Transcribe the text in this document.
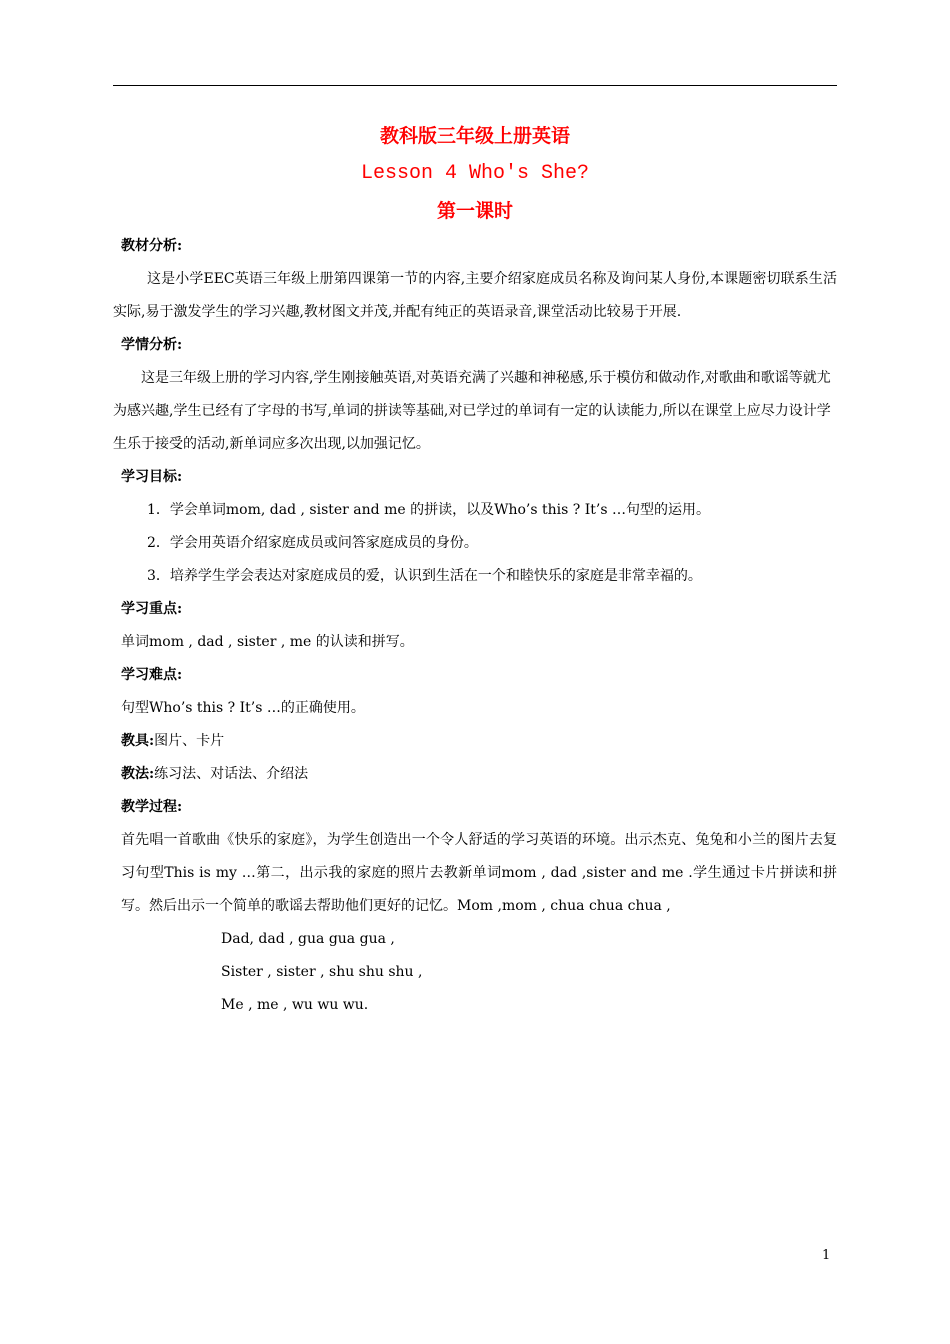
教科版三年级上册英语
Lesson 4 Who's She?
第一课时

教材分析:

这是小学EEC英语三年级上册第四课第一节的内容,主要介绍家庭成员名称及询问某人身份,本课题密切联系生活实际,易于激发学生的学习兴趣,教材图文并茂,并配有纯正的英语录音,课堂活动比较易于开展.

学情分析:

这是三年级上册的学习内容,学生刚接触英语,对英语充满了兴趣和神秘感,乐于模仿和做动作,对歌曲和歌谣等就尤为感兴趣,学生已经有了字母的书写,单词的拼读等基础,对已学过的单词有一定的认读能力,所以在课堂上应尽力设计学生乐于接受的活动,新单词应多次出现,以加强记忆。

学习目标:

1．学会单词mom, dad , sister and me 的拼读，以及Who’s this ? It’s …句型的运用。

2．学会用英语介绍家庭成员或问答家庭成员的身份。

3．培养学生学会表达对家庭成员的爱，认识到生活在一个和睦快乐的家庭是非常幸福的。

学习重点:

单词mom , dad , sister , me 的认读和拼写。

学习难点:

句型Who’s this ? It’s …的正确使用。

教具:图片、卡片

教法:练习法、对话法、介绍法

教学过程:

首先唱一首歌曲《快乐的家庭》，为学生创造出一个令人舒适的学习英语的环境。出示杰克、兔兔和小兰的图片去复习句型This is my …第二，出示我的家庭的照片去教新单词mom , dad ,sister and me .学生通过卡片拼读和拼写。然后出示一个简单的歌谣去帮助他们更好的记忆。Mom ,mom , chua chua chua ,

Dad, dad , gua gua gua ,

Sister , sister , shu shu shu ,

Me , me , wu wu wu.

1
